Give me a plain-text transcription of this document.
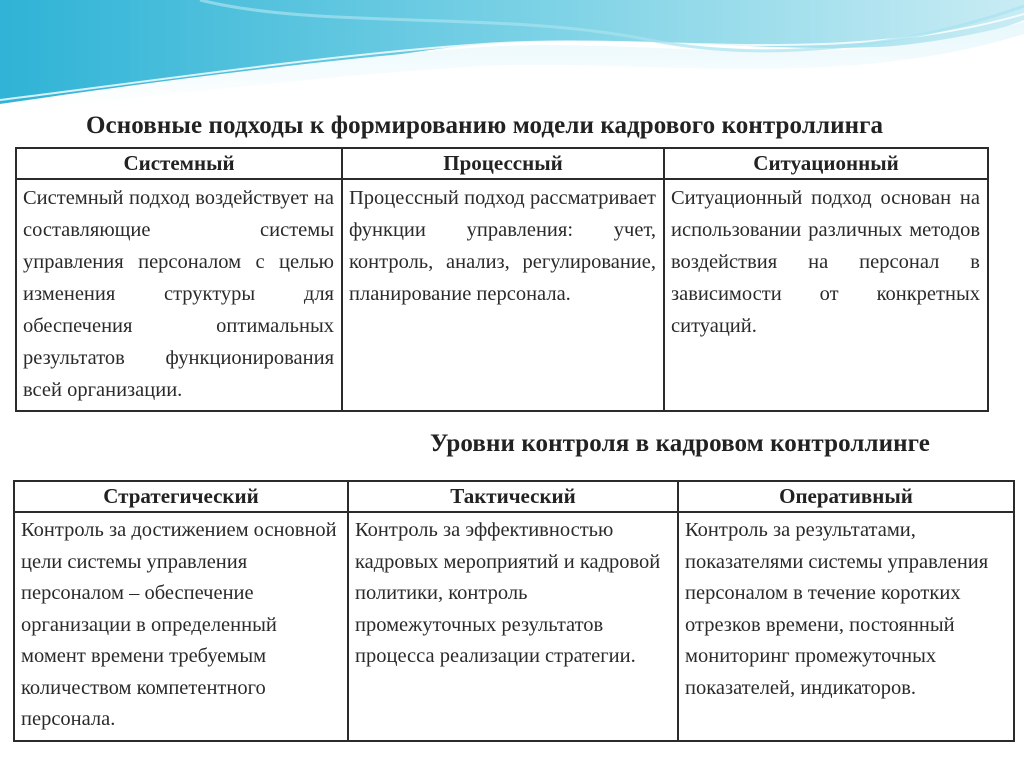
Основные подходы к формированию модели кадрового контроллинга
Системный	Процессный	Ситуационный
Системный подход воздействует на составляющие системы управления персоналом с целью изменения структуры для обеспечения оптимальных результатов функционирования всей организации.	Процессный подход рассматривает функции управления: учет, контроль, анализ, регулирование, планирование персонала.	Ситуационный подход основан на использовании различных методов воздействия на персонал в зависимости от конкретных ситуаций.
Уровни контроля в кадровом контроллинге
Стратегический	Тактический	Оперативный
Контроль за достижением основной цели системы управления персоналом – обеспечение организации в определенный момент времени требуемым количеством компетентного персонала.	Контроль за эффективностью кадровых мероприятий и кадровой политики, контроль промежуточных результатов процесса реализации стратегии.	Контроль за результатами, показателями системы управления персоналом в течение коротких отрезков времени, постоянный мониторинг промежуточных показателей, индикаторов.
